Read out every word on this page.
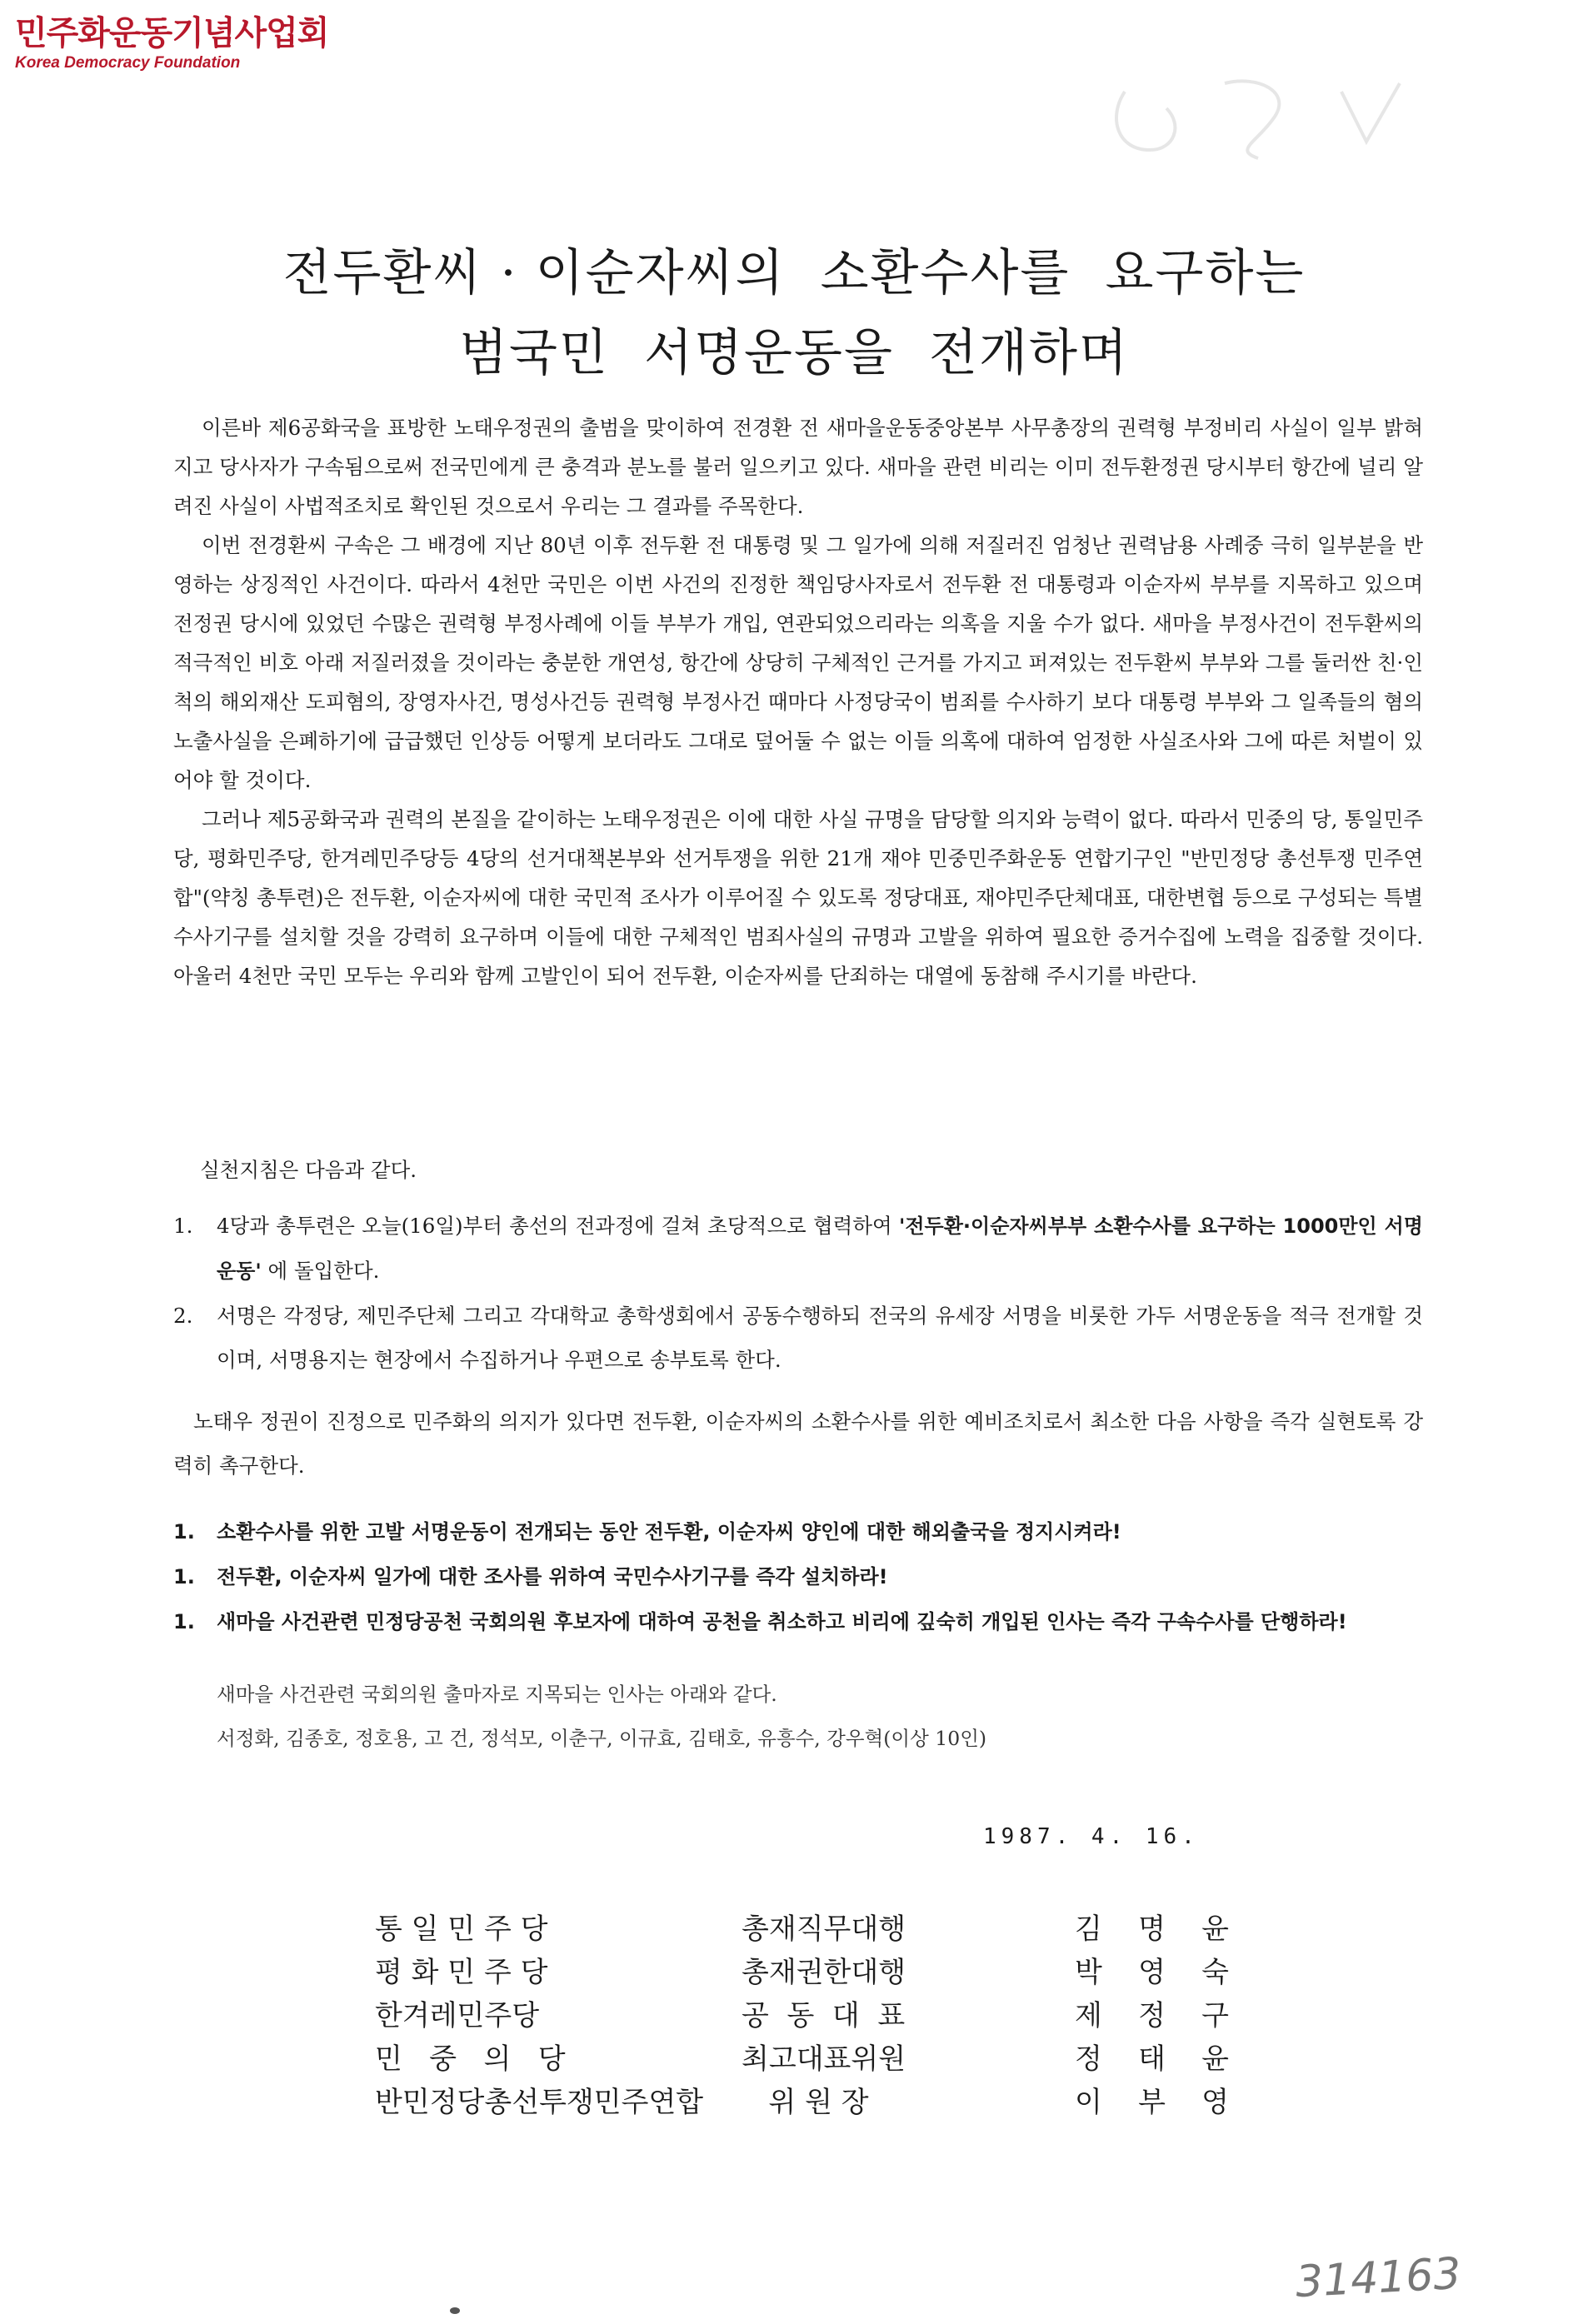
민주화운동기념사업회
Korea Democracy Foundation
전두환씨 · 이순자씨의  소환수사를  요구하는
범국민  서명운동을  전개하며

이른바 제6공화국을 표방한 노태우정권의 출범을 맞이하여 전경환 전 새마을운동중앙본부 사무총장의 권력형 부정비리 사실이 일부 밝혀지고 당사자가 구속됨으로써 전국민에게 큰 충격과 분노를 불러 일으키고 있다. 새마을 관련 비리는 이미 전두환정권 당시부터 항간에 널리 알려진 사실이 사법적조치로 확인된 것으로서 우리는 그 결과를 주목한다.

이번 전경환씨 구속은 그 배경에 지난 80년 이후 전두환 전 대통령 및 그 일가에 의해 저질러진 엄청난 권력남용 사례중 극히 일부분을 반영하는 상징적인 사건이다. 따라서 4천만 국민은 이번 사건의 진정한 책임당사자로서 전두환 전 대통령과 이순자씨 부부를 지목하고 있으며 전정권 당시에 있었던 수많은 권력형 부정사례에 이들 부부가 개입, 연관되었으리라는 의혹을 지울 수가 없다. 새마을 부정사건이 전두환씨의 적극적인 비호 아래 저질러졌을 것이라는 충분한 개연성, 항간에 상당히 구체적인 근거를 가지고 퍼져있는 전두환씨 부부와 그를 둘러싼 친·인척의 해외재산 도피혐의, 장영자사건, 명성사건등 권력형 부정사건 때마다 사정당국이 범죄를 수사하기 보다 대통령 부부와 그 일족들의 혐의노출사실을 은폐하기에 급급했던 인상등 어떻게 보더라도 그대로 덮어둘 수 없는 이들 의혹에 대하여 엄정한 사실조사와 그에 따른 처벌이 있어야 할 것이다.

그러나 제5공화국과 권력의 본질을 같이하는 노태우정권은 이에 대한 사실 규명을 담당할 의지와 능력이 없다. 따라서 민중의 당, 통일민주당, 평화민주당, 한겨레민주당등 4당의 선거대책본부와 선거투쟁을 위한 21개 재야 민중민주화운동 연합기구인 "반민정당 총선투쟁 민주연합"(약칭 총투련)은 전두환, 이순자씨에 대한 국민적 조사가 이루어질 수 있도록 정당대표, 재야민주단체대표, 대한변협 등으로 구성되는 특별수사기구를 설치할 것을 강력히 요구하며 이들에 대한 구체적인 범죄사실의 규명과 고발을 위하여 필요한 증거수집에 노력을 집중할 것이다. 아울러 4천만 국민 모두는 우리와 함께 고발인이 되어 전두환, 이순자씨를 단죄하는 대열에 동참해 주시기를 바란다.

실천지침은 다음과 같다.
1.	4당과 총투련은 오늘(16일)부터 총선의 전과정에 걸쳐 초당적으로 협력하여 '전두환·이순자씨부부 소환수사를 요구하는 1000만인 서명운동' 에 돌입한다.
2.	서명은 각정당, 제민주단체 그리고 각대학교 총학생회에서 공동수행하되 전국의 유세장 서명을 비롯한 가두 서명운동을 적극 전개할 것이며, 서명용지는 현장에서 수집하거나 우편으로 송부토록 한다.
노태우 정권이 진정으로 민주화의 의지가 있다면 전두환, 이순자씨의 소환수사를 위한 예비조치로서 최소한 다음 사항을 즉각 실현토록 강력히 촉구한다.
1.	소환수사를 위한 고발 서명운동이 전개되는 동안 전두환, 이순자씨 양인에 대한 해외출국을 정지시켜라!
1.	전두환, 이순자씨 일가에 대한 조사를 위하여 국민수사기구를 즉각 설치하라!
1.	새마을 사건관련 민정당공천 국회의원 후보자에 대하여 공천을 취소하고 비리에 깊숙히 개입된 인사는 즉각 구속수사를 단행하라!
새마을 사건관련 국회의원 출마자로 지목되는 인사는 아래와 같다.
서정화, 김종호, 정호용, 고 건, 정석모, 이춘구, 이규효, 김태호, 유흥수, 강우혁(이상 10인)
1987. 4. 16.
통 일 민 주 당	총재직무대행	김    명    윤
평 화 민 주 당	총재권한대행	박    영    숙
한겨레민주당	공  동  대  표	제    정    구
민   중   의   당	최고대표위원	정    태    윤
반민정당총선투쟁민주연합	위 원 장	이    부    영
314163
